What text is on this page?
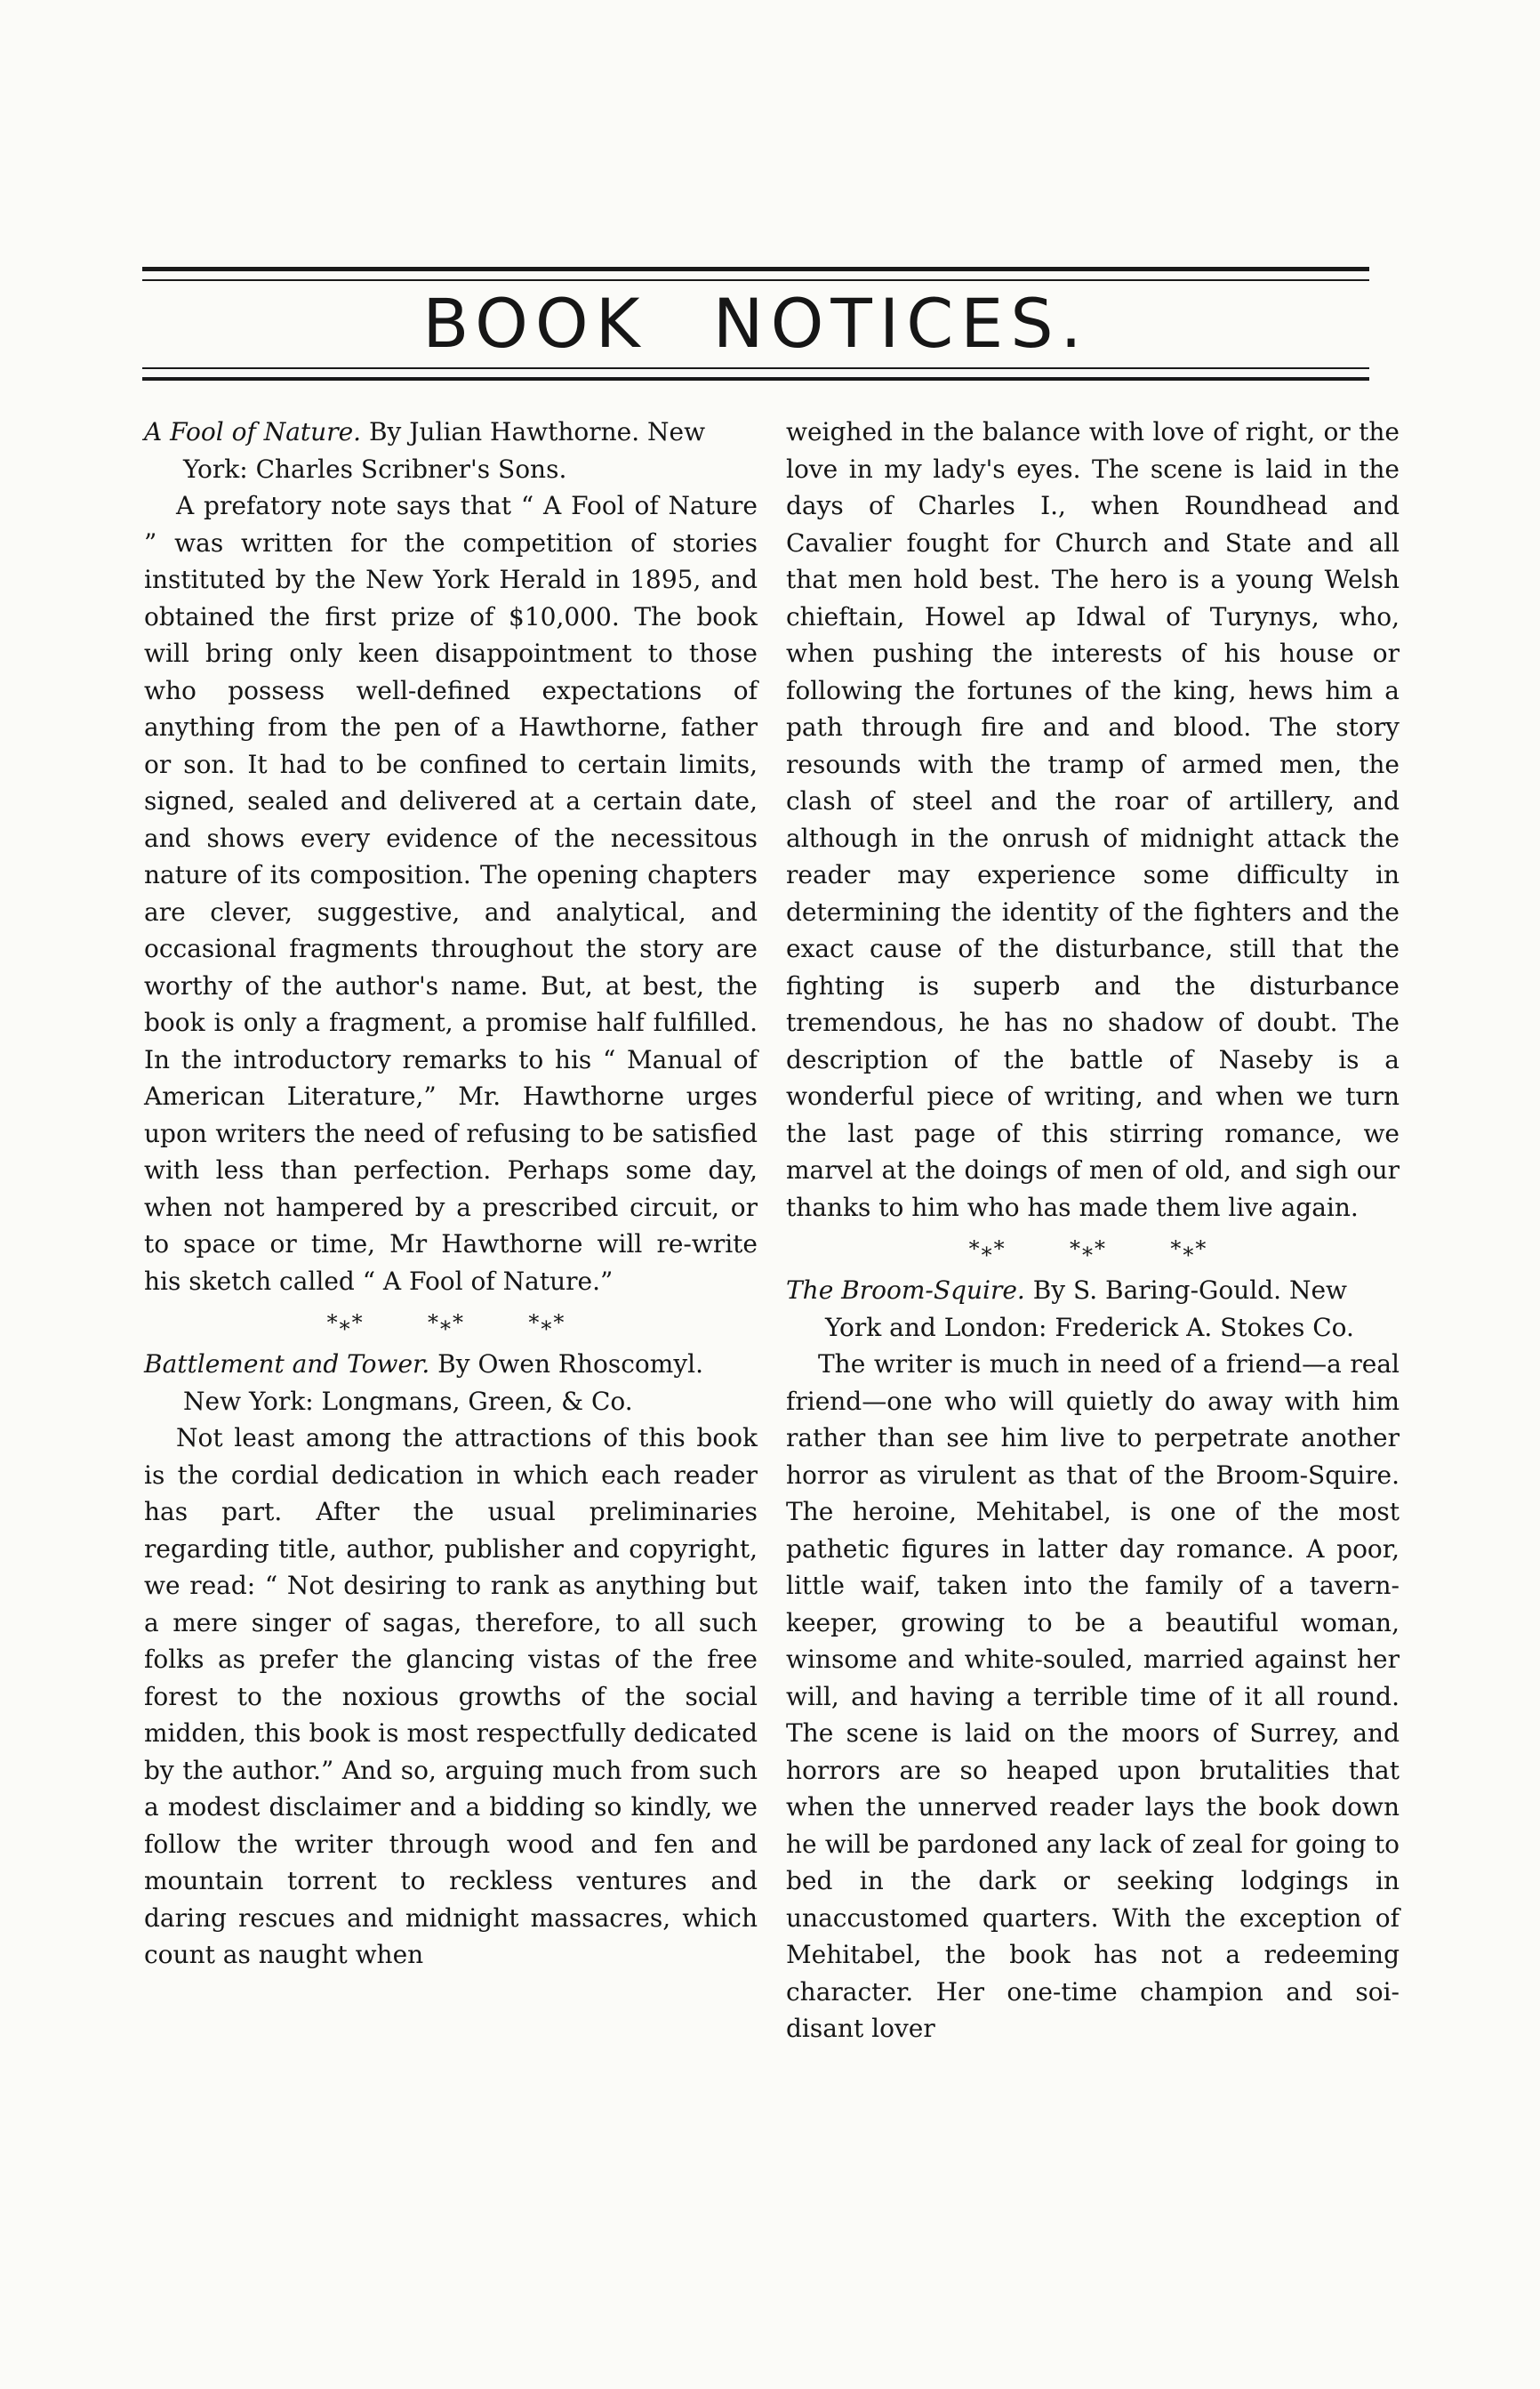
BOOK NOTICES.

A Fool of Nature. By Julian Hawthorne. New York: Charles Scribner's Sons.

A prefatory note says that “ A Fool of Nature ” was written for the competition of stories instituted by the New York Herald in 1895, and obtained the first prize of $10,000. The book will bring only keen disappointment to those who possess well-defined expectations of anything from the pen of a Hawthorne, father or son. It had to be confined to certain limits, signed, sealed and delivered at a certain date, and shows every evidence of the necessitous nature of its composition. The opening chapters are clever, suggestive, and analytical, and occasional fragments throughout the story are worthy of the author's name. But, at best, the book is only a fragment, a promise half fulfilled. In the introductory remarks to his “ Manual of American Literature,” Mr. Hawthorne urges upon writers the need of refusing to be satisfied with less than perfection. Perhaps some day, when not hampered by a prescribed circuit, or to space or time, Mr Hawthorne will re-write his sketch called “ A Fool of Nature.”

*⁎*	*⁎*	*⁎*

Battlement and Tower. By Owen Rhoscomyl. New York: Longmans, Green, & Co.

Not least among the attractions of this book is the cordial dedication in which each reader has part. After the usual preliminaries regarding title, author, publisher and copyright, we read: “ Not desiring to rank as anything but a mere singer of sagas, therefore, to all such folks as prefer the glancing vistas of the free forest to the noxious growths of the social midden, this book is most respectfully dedicated by the author.” And so, arguing much from such a modest disclaimer and a bidding so kindly, we follow the writer through wood and fen and mountain torrent to reckless ventures and daring rescues and midnight massacres, which count as naught when

weighed in the balance with love of right, or the love in my lady's eyes. The scene is laid in the days of Charles I., when Roundhead and Cavalier fought for Church and State and all that men hold best. The hero is a young Welsh chieftain, Howel ap Idwal of Turynys, who, when pushing the interests of his house or following the fortunes of the king, hews him a path through fire and and blood. The story resounds with the tramp of armed men, the clash of steel and the roar of artillery, and although in the onrush of midnight attack the reader may experience some difficulty in determining the identity of the fighters and the exact cause of the disturbance, still that the fighting is superb and the disturbance tremendous, he has no shadow of doubt. The description of the battle of Naseby is a wonderful piece of writing, and when we turn the last page of this stirring romance, we marvel at the doings of men of old, and sigh our thanks to him who has made them live again.

*⁎*	*⁎*	*⁎*

The Broom-Squire. By S. Baring-Gould. New York and London: Frederick A. Stokes Co.

The writer is much in need of a friend—a real friend—one who will quietly do away with him rather than see him live to perpetrate another horror as virulent as that of the Broom-Squire. The heroine, Mehitabel, is one of the most pathetic figures in latter day romance. A poor, little waif, taken into the family of a tavern-keeper, growing to be a beautiful woman, winsome and white-souled, married against her will, and having a terrible time of it all round. The scene is laid on the moors of Surrey, and horrors are so heaped upon brutalities that when the unnerved reader lays the book down he will be pardoned any lack of zeal for going to bed in the dark or seeking lodgings in unaccustomed quarters. With the exception of Mehitabel, the book has not a redeeming character. Her one-time champion and soi-disant lover
